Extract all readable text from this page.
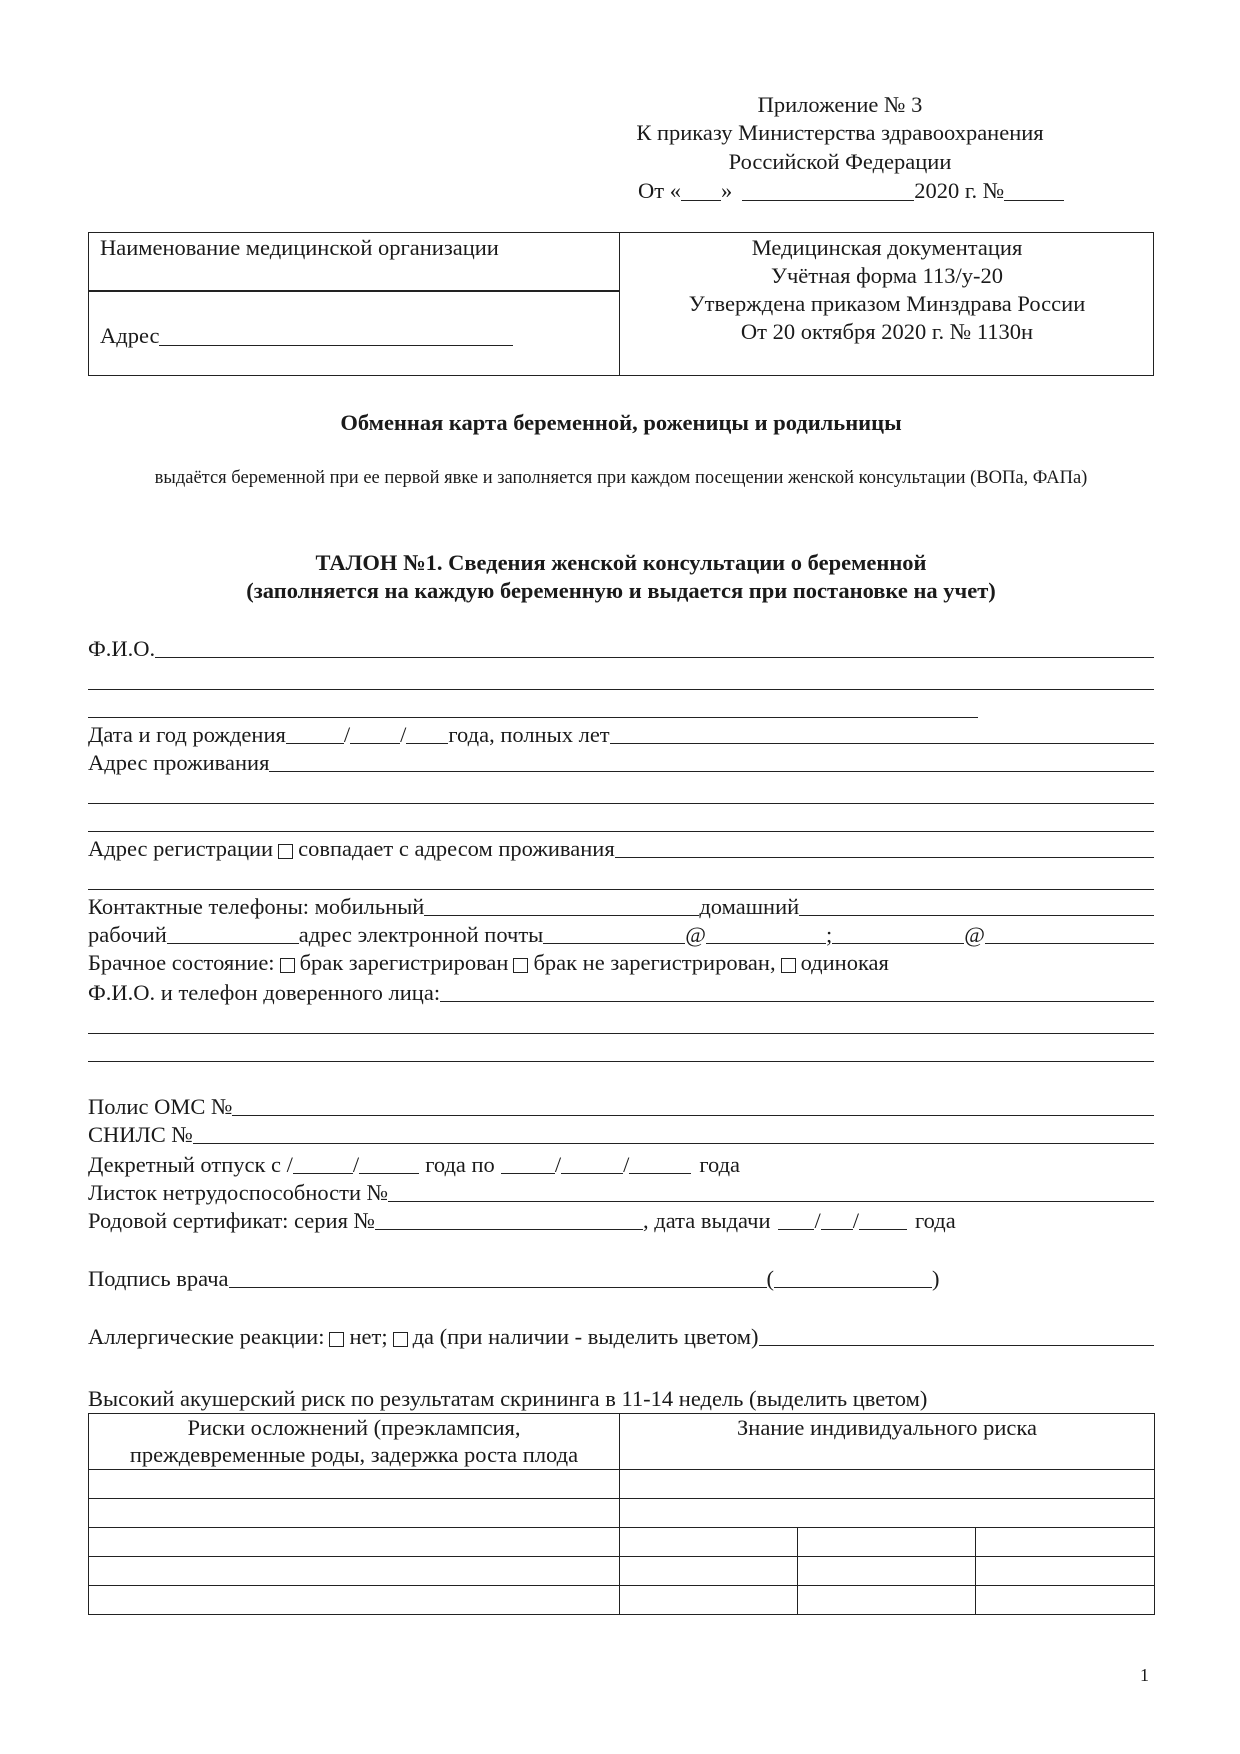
Приложение № 3
К приказу Министерства здравоохранения
Российской Федерации
От « »	2020 г. №
Наименование медицинской организации
Адрес
Медицинская документация
Учётная форма 113/у-20
Утверждена приказом Минздрава России
От 20 октября 2020 г. № 1130н
Обменная карта беременной, роженицы и родильницы
выдаётся беременной при ее первой явке и заполняется при каждом посещении женской консультации (ВОПа, ФАПа)
ТАЛОН №1. Сведения женской консультации о беременной
(заполняется на каждую беременную и выдается при постановке на учет)
Ф.И.О.
Дата и год рождения	/ / года, полных лет
Адрес проживания
Адрес регистрации совпадает с адресом проживания
Контактные телефоны: мобильный	домашний
рабочий	адрес электронной почты	@	;	@
Брачное состояние: брак зарегистрирован брак не зарегистрирован, одинокая
Ф.И.О. и телефон доверенного лица:
Полис ОМС №
СНИЛС №
Декретный отпуск с /	/	года по	/	/	года
Листок нетрудоспособности №
Родовой сертификат: серия №	, дата выдачи / / года
Подпись врача	(	)
Аллергические реакции: нет; да (при наличии - выделить цветом)
Высокий акушерский риск по результатам скрининга в 11-14 недель (выделить цветом)
Риски осложнений (преэклампсия,
преждевременные роды, задержка роста плода	Знание индивидуального риска		

1
